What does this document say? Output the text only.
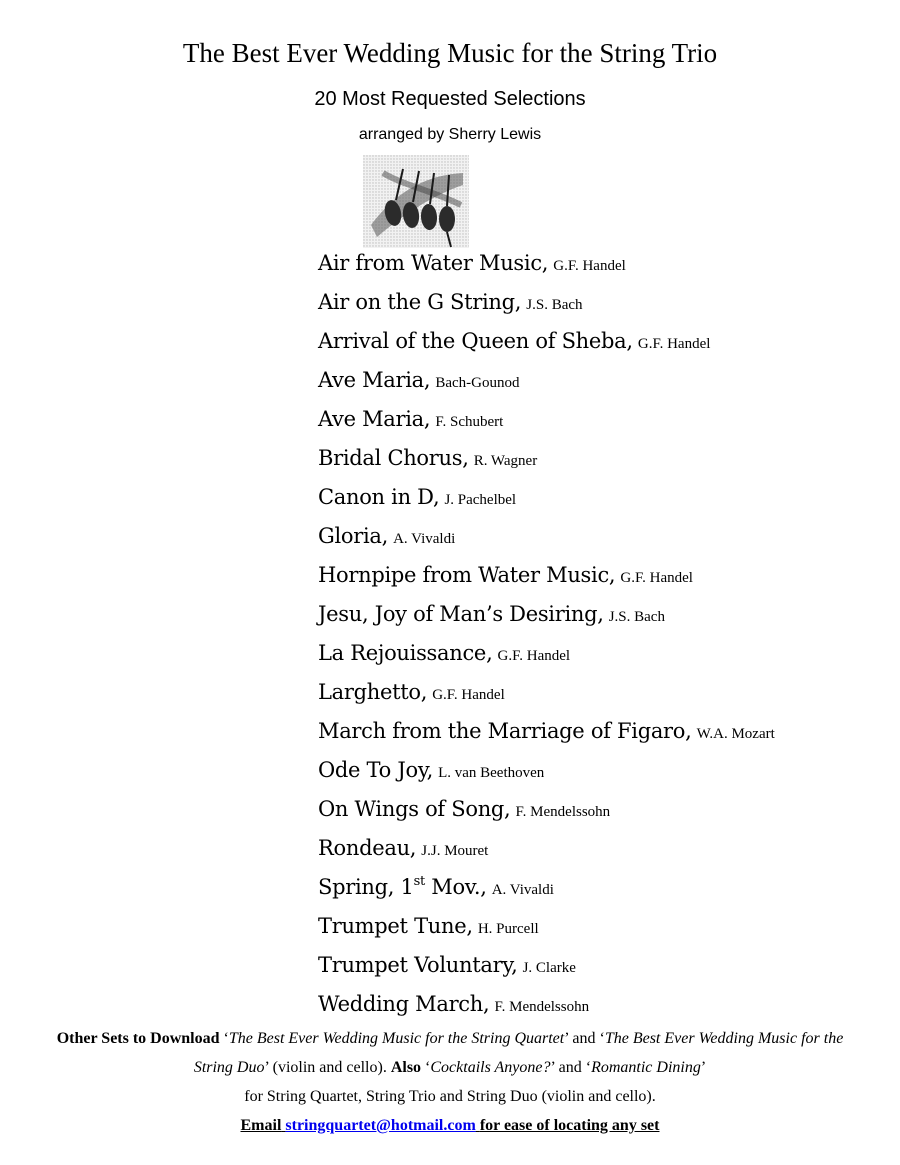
The Best Ever Wedding Music for the String Trio
20 Most Requested Selections
arranged by Sherry Lewis
Air from Water Music, G.F. Handel
Air on the G String, J.S. Bach
Arrival of the Queen of Sheba, G.F. Handel
Ave Maria, Bach-Gounod
Ave Maria, F. Schubert
Bridal Chorus, R. Wagner
Canon in D, J. Pachelbel
Gloria, A. Vivaldi
Hornpipe from Water Music, G.F. Handel
Jesu, Joy of Man’s Desiring, J.S. Bach
La Rejouissance, G.F. Handel
Larghetto, G.F. Handel
March from the Marriage of Figaro, W.A. Mozart
Ode To Joy, L. van Beethoven
On Wings of Song, F. Mendelssohn
Rondeau, J.J. Mouret
Spring, 1st Mov., A. Vivaldi
Trumpet Tune, H. Purcell
Trumpet Voluntary, J. Clarke
Wedding March, F. Mendelssohn
Other Sets to Download ‘The Best Ever Wedding Music for the String Quartet’ and ‘The Best Ever Wedding Music for the String Duo’ (violin and cello). Also ‘Cocktails Anyone?’ and ‘Romantic Dining’
for String Quartet, String Trio and String Duo (violin and cello).
Email stringquartet@hotmail.com for ease of locating any set
